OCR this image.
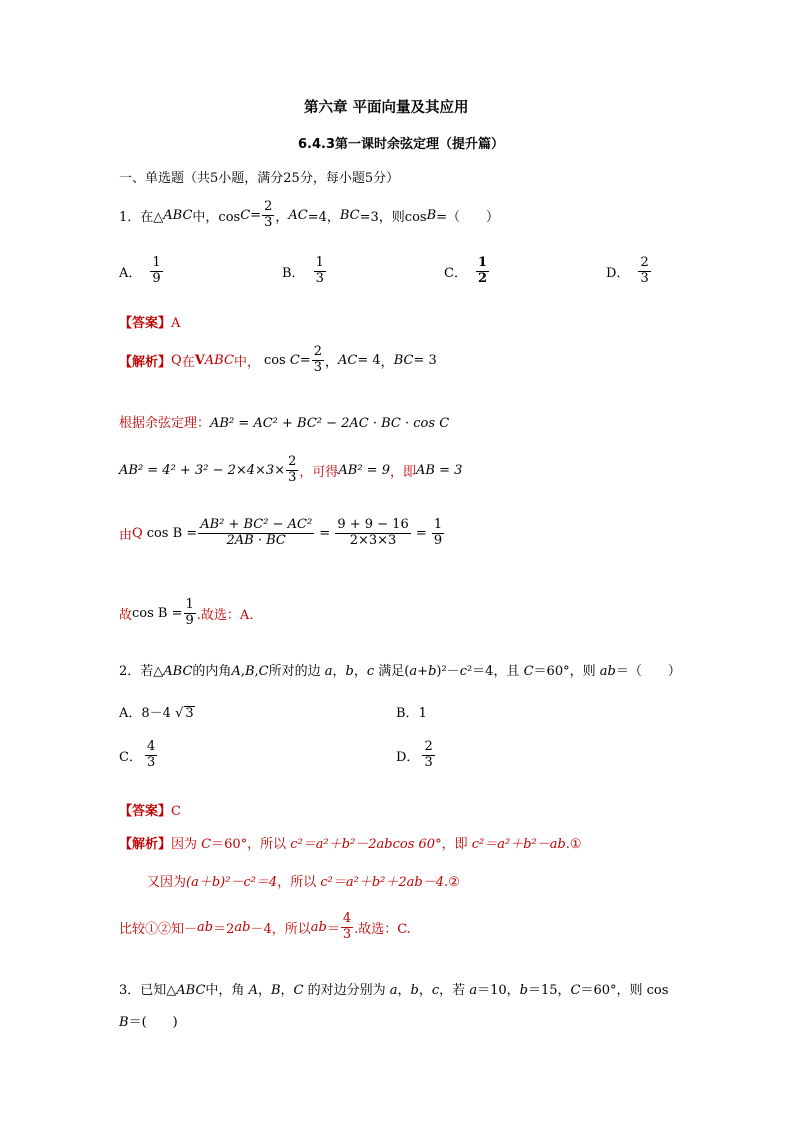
第六章 平面向量及其应用
6.4.3第一课时余弦定理（提升篇）
一、单选题（共5小题，满分25分，每小题5分）
1．在△ ABC 中，$\cos C = \frac{2}{3}$ ， AC =4， BC =3，则cos B =（　　）
A． $\frac{1}{9}$	B． $\frac{1}{3}$	C． $\frac{1}{2}$	D． $\frac{2}{3}$
【答案】A
【解析】 Q 在 V ABC 中， cos
$C = \frac{2}{3}$ ， AC = 4 ， BC = 3
根据余弦定理：AB² = AC² + BC² − 2AC · BC · cos C
$AB^2 = 4^2 + 3^2 - 2\times 4\times 3\times \frac{2}{3}$ ，可得 AB² = 9 ，即 AB = 3
由 Q $\cos B = \frac{\text{AB² + BC² − AC²}}{2AB \cdot BC} = \frac{9 + 9 - 16}{2\times 3\times 3} = \frac{1}{9}$
故 $\cos B = \frac{1}{9}$ .故选：A.
2．若△ABC的内角A,B,C所对的边 a，b，c 满足(a+b)²－c²＝4，且 C＝60°，则 ab＝（　　）
A．8－4 √ 3	B．1
C． $\frac{4}{3}$	D． $\frac{2}{3}$
【答案】C
【解析】因为 C＝60°，所以 c²＝a²＋b²－2abcos 60°，即 c²＝a²＋b²－ab.①
又因为(a＋b)²－c²＝4，所以 c²＝a²＋b²＋2ab－4.②
比较①②知－ ab ＝2 ab －4，所以 ab ＝ $\frac{4}{3}$ .故选：C.
3．已知△ABC中，角 A，B，C 的对边分别为 a，b，c，若 a＝10，b＝15，C＝60°，则 cos
B＝(　　)
